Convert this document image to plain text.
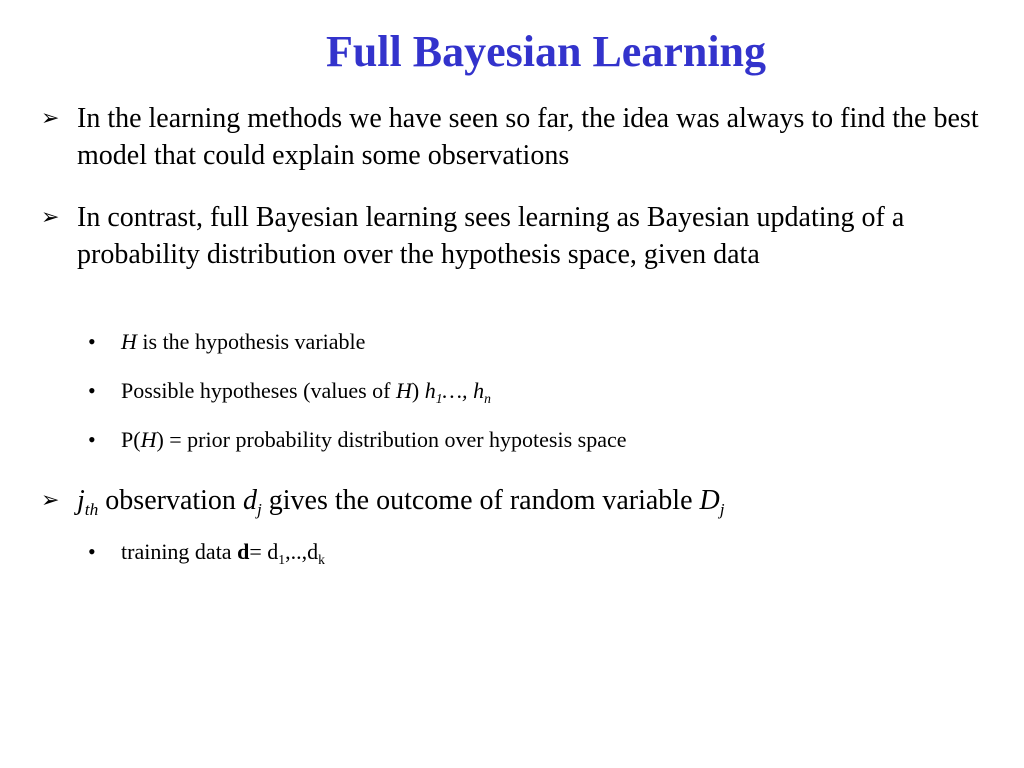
Full Bayesian Learning
➢ In the learning methods we have seen so far, the idea was always to find the best model that could explain some observations
➢ In contrast, full Bayesian learning sees learning as Bayesian updating of a probability distribution over the hypothesis space, given data
• H is the hypothesis variable
• Possible hypotheses (values of H) $h_1\dots$, $h_n$
• P(H) = prior probability distribution over hypotesis space
➢ $j_{th}$ observation $d_j$ gives the outcome of random variable $D_j$
• training data $d= d_1,..,d_k$
